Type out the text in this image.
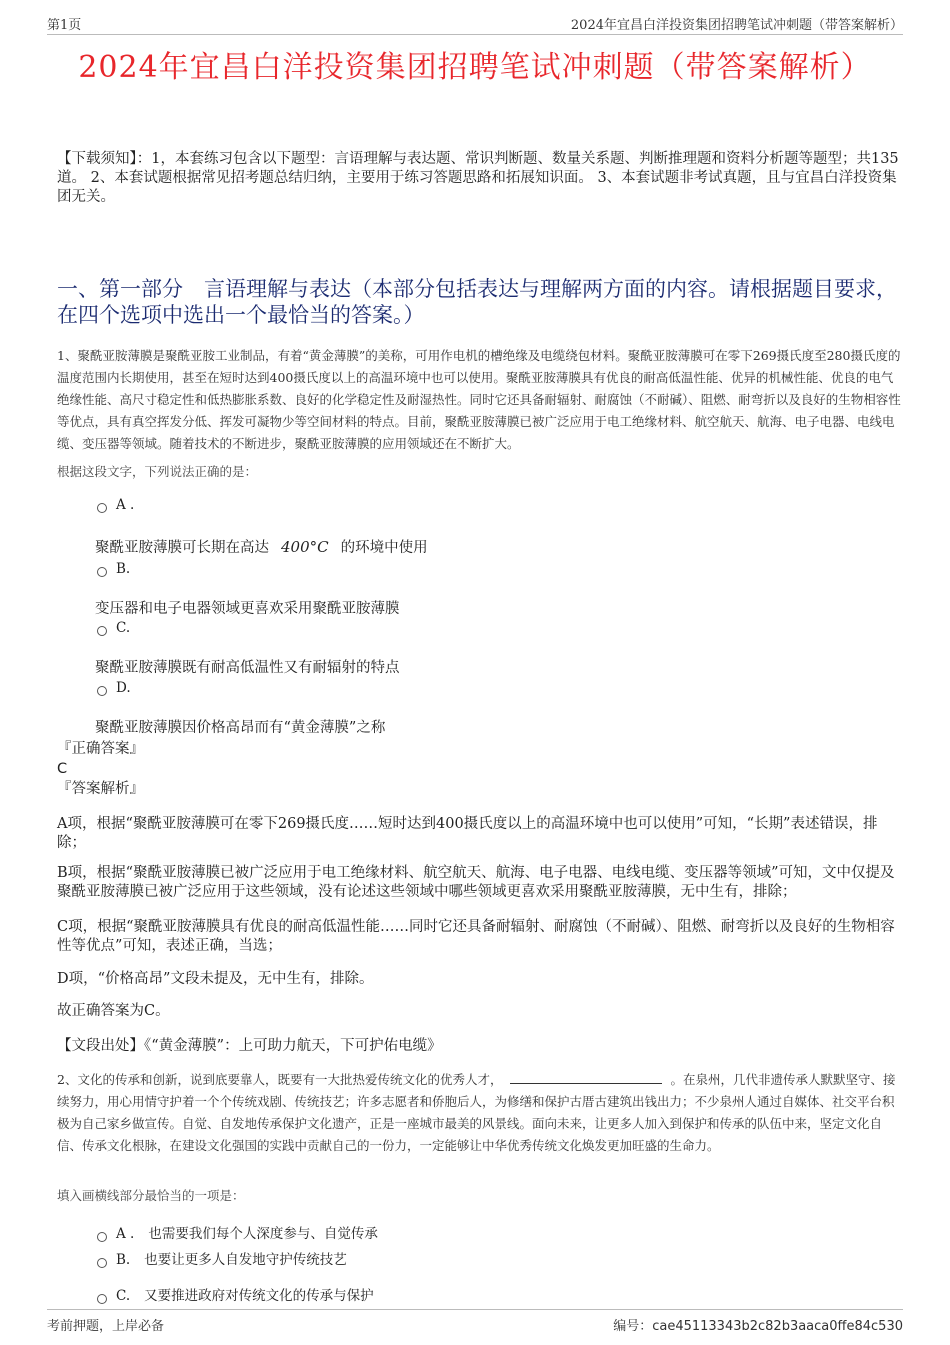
第1页	2024年宜昌白洋投资集团招聘笔试冲刺题（带答案解析）
2024年宜昌白洋投资集团招聘笔试冲刺题（带答案解析）
【下载须知】：1，本套练习包含以下题型：言语理解与表达题、常识判断题、数量关系题、判断推理题和资料分析题等题型；共135道。 2、本套试题根据常见招考题总结归纳，主要用于练习答题思路和拓展知识面。 3、本套试题非考试真题，且与宜昌白洋投资集团无关。
一、第一部分　言语理解与表达（本部分包括表达与理解两方面的内容。请根据题目要求，在四个选项中选出一个最恰当的答案。）
1、聚酰亚胺薄膜是聚酰亚胺工业制品，有着“黄金薄膜”的美称，可用作电机的槽绝缘及电缆绕包材料。聚酰亚胺薄膜可在零下269摄氏度至280摄氏度的温度范围内长期使用，甚至在短时达到400摄氏度以上的高温环境中也可以使用。聚酰亚胺薄膜具有优良的耐高低温性能、优异的机械性能、优良的电气绝缘性能、高尺寸稳定性和低热膨胀系数、良好的化学稳定性及耐湿热性。同时它还具备耐辐射、耐腐蚀（不耐碱）、阻燃、耐弯折以及良好的生物相容性等优点，具有真空挥发分低、挥发可凝物少等空间材料的特点。目前，聚酰亚胺薄膜已被广泛应用于电工绝缘材料、航空航天、航海、电子电器、电线电缆、变压器等领域。随着技术的不断进步，聚酰亚胺薄膜的应用领域还在不断扩大。
根据这段文字，下列说法正确的是：
A .
聚酰亚胺薄膜可长期在高达 400°C 的环境中使用
B.
变压器和电子电器领域更喜欢采用聚酰亚胺薄膜
C.
聚酰亚胺薄膜既有耐高低温性又有耐辐射的特点
D.
聚酰亚胺薄膜因价格高昂而有“黄金薄膜”之称
『正确答案』
C
『答案解析』
A项，根据“聚酰亚胺薄膜可在零下269摄氏度……短时达到400摄氏度以上的高温环境中也可以使用”可知，“长期”表述错误，排除；
B项，根据“聚酰亚胺薄膜已被广泛应用于电工绝缘材料、航空航天、航海、电子电器、电线电缆、变压器等领域”可知，文中仅提及聚酰亚胺薄膜已被广泛应用于这些领域，没有论述这些领域中哪些领域更喜欢采用聚酰亚胺薄膜，无中生有，排除；
C项，根据“聚酰亚胺薄膜具有优良的耐高低温性能……同时它还具备耐辐射、耐腐蚀（不耐碱）、阻燃、耐弯折以及良好的生物相容性等优点”可知，表述正确，当选；
D项，“价格高昂”文段未提及，无中生有，排除。
故正确答案为C。
【文段出处】《“黄金薄膜”：上可助力航天，下可护佑电缆》
2、文化的传承和创新，说到底要靠人，既要有一大批热爱传统文化的优秀人才，	。在泉州，几代非遗传承人默默坚守、接续努力，用心用情守护着一个个传统戏剧、传统技艺；许多志愿者和侨胞后人，为修缮和保护古厝古建筑出钱出力；不少泉州人通过自媒体、社交平台积极为自己家乡做宣传。自觉、自发地传承保护文化遗产，正是一座城市最美的风景线。面向未来，让更多人加入到保护和传承的队伍中来，坚定文化自信、传承文化根脉，在建设文化强国的实践中贡献自己的一份力，一定能够让中华优秀传统文化焕发更加旺盛的生命力。
填入画横线部分最恰当的一项是：
A . 也需要我们每个人深度参与、自觉传承
B. 也要让更多人自发地守护传统技艺
C. 又要推进政府对传统文化的传承与保护
考前押题，上岸必备	编号：cae45113343b2c82b3aaca0ffe84c530
